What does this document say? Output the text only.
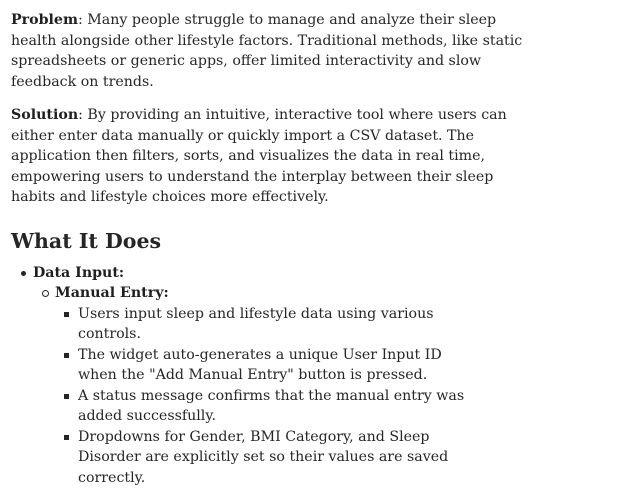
Problem: Many people struggle to manage and analyze their sleep health alongside other lifestyle factors. Traditional methods, like static spreadsheets or generic apps, offer limited interactivity and slow feedback on trends.

Solution: By providing an intuitive, interactive tool where users can either enter data manually or quickly import a CSV dataset. The application then filters, sorts, and visualizes the data in real time, empowering users to understand the interplay between their sleep habits and lifestyle choices more effectively.

What It Does
Data Input:
Manual Entry:
Users input sleep and lifestyle data using various controls.
The widget auto-generates a unique User Input ID when the "Add Manual Entry" button is pressed.
A status message confirms that the manual entry was added successfully.
Dropdowns for Gender, BMI Category, and Sleep Disorder are explicitly set so their values are saved correctly.
